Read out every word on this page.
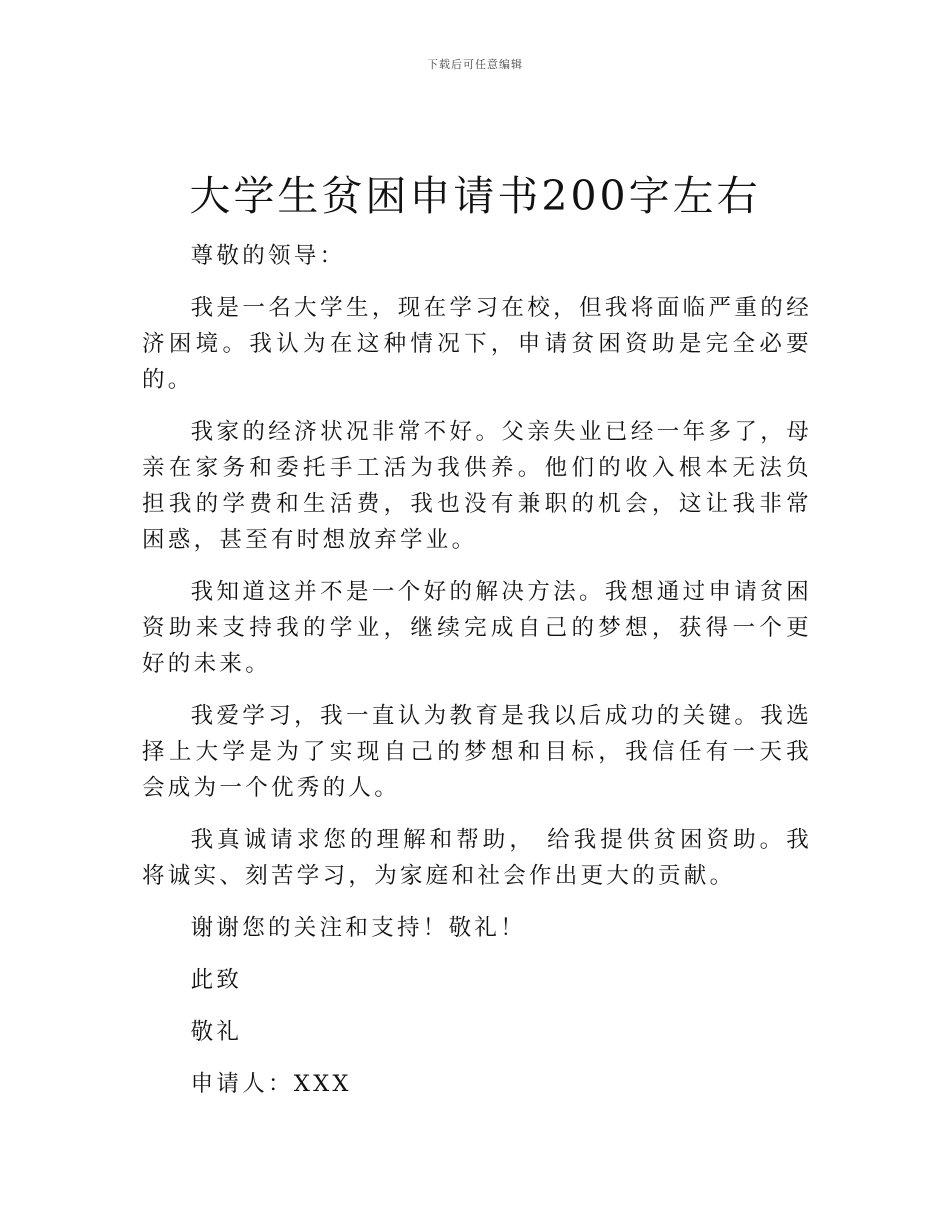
下载后可任意编辑
大学生贫困申请书200字左右

尊敬的领导：

我是一名大学生，现在学习在校，但我将面临严重的经济困境。我认为在这种情况下，申请贫困资助是完全必要的。

我家的经济状况非常不好。父亲失业已经一年多了，母亲在家务和委托手工活为我供养。他们的收入根本无法负担我的学费和生活费，我也没有兼职的机会，这让我非常困惑，甚至有时想放弃学业。

我知道这并不是一个好的解决方法。我想通过申请贫困资助来支持我的学业，继续完成自己的梦想，获得一个更好的未来。

我爱学习，我一直认为教育是我以后成功的关键。我选择上大学是为了实现自己的梦想和目标，我信任有一天我会成为一个优秀的人。

我真诚请求您的理解和帮助， 给我提供贫困资助。我将诚实、刻苦学习，为家庭和社会作出更大的贡献。

谢谢您的关注和支持！敬礼！

此致

敬礼

申请人：XXX
